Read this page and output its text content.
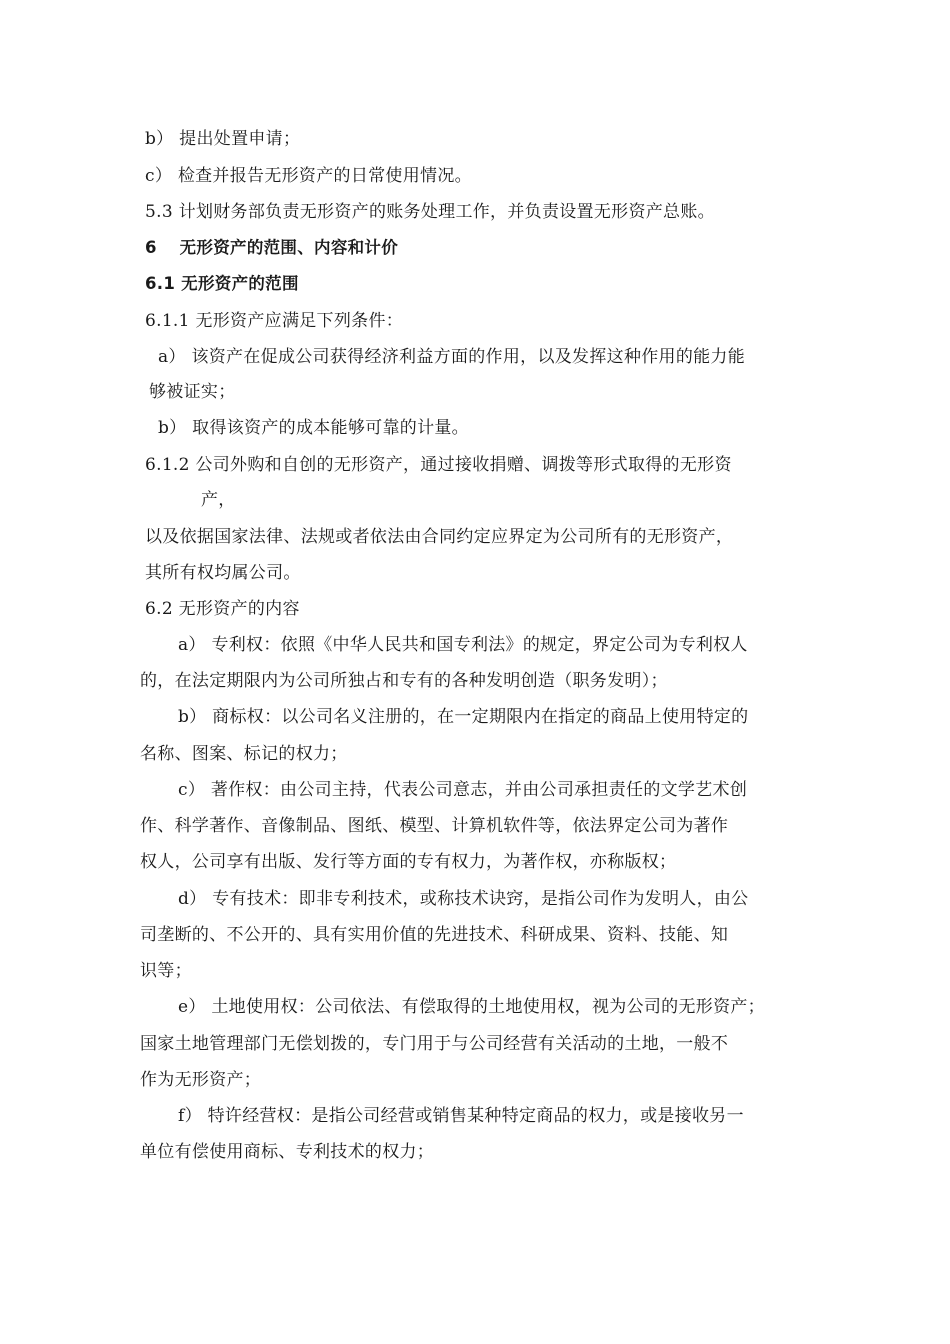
b） 提出处置申请；
c） 检查并报告无形资产的日常使用情况。
5.3 计划财务部负责无形资产的账务处理工作，并负责设置无形资产总账。
6　 无形资产的范围、内容和计价
6.1 无形资产的范围
6.1.1 无形资产应满足下列条件：
a） 该资产在促成公司获得经济利益方面的作用，以及发挥这种作用的能力能
够被证实；
b） 取得该资产的成本能够可靠的计量。
6.1.2 公司外购和自创的无形资产，通过接收捐赠、调拨等形式取得的无形资
产，
以及依据国家法律、法规或者依法由合同约定应界定为公司所有的无形资产，
其所有权均属公司。
6.2 无形资产的内容
a） 专利权：依照《中华人民共和国专利法》的规定，界定公司为专利权人
的，在法定期限内为公司所独占和专有的各种发明创造（职务发明）；
b） 商标权：以公司名义注册的，在一定期限内在指定的商品上使用特定的
名称、图案、标记的权力；
c） 著作权：由公司主持，代表公司意志，并由公司承担责任的文学艺术创
作、科学著作、音像制品、图纸、模型、计算机软件等，依法界定公司为著作
权人，公司享有出版、发行等方面的专有权力，为著作权，亦称版权；
d） 专有技术：即非专利技术，或称技术诀窍，是指公司作为发明人，由公
司垄断的、不公开的、具有实用价值的先进技术、科研成果、资料、技能、知
识等；
e） 土地使用权：公司依法、有偿取得的土地使用权，视为公司的无形资产；
国家土地管理部门无偿划拨的，专门用于与公司经营有关活动的土地，一般不
作为无形资产；
f） 特许经营权：是指公司经营或销售某种特定商品的权力，或是接收另一
单位有偿使用商标、专利技术的权力；
